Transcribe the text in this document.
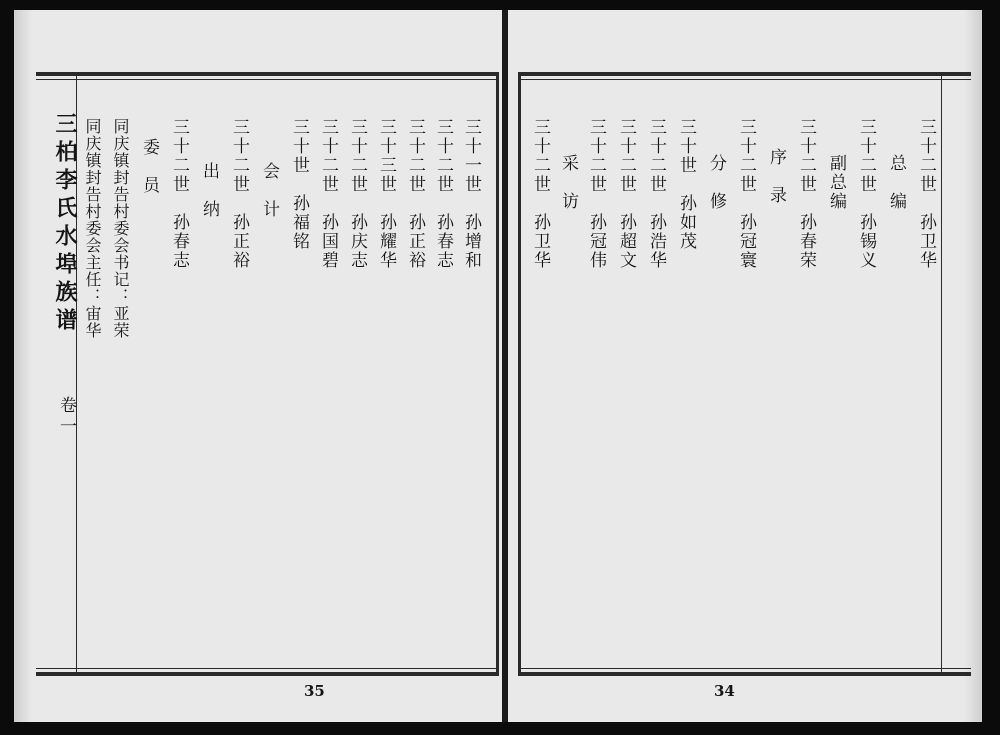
三柏李氏水埠族谱
卷一
三十一世　孙增和
三十二世　孙春志
三十二世　孙正裕
三十三世　孙耀华
三十二世　孙庆志
三十二世　孙国碧
三十世　孙福铭
会　计
三十二世　孙正裕
出　纳
三十二世　孙春志
委　员
同庆镇封告村委会书记：亚荣
同庆镇封告村委会主任：宙华
35
三十二世　孙卫华
总　编
三十二世　孙锡义
副总编
三十二世　孙春荣
序　录
三十二世　孙冠寰
分　修
三十世　孙如茂
三十二世　孙浩华
三十二世　孙超文
三十二世　孙冠伟
采　访
三十二世　孙卫华
34
